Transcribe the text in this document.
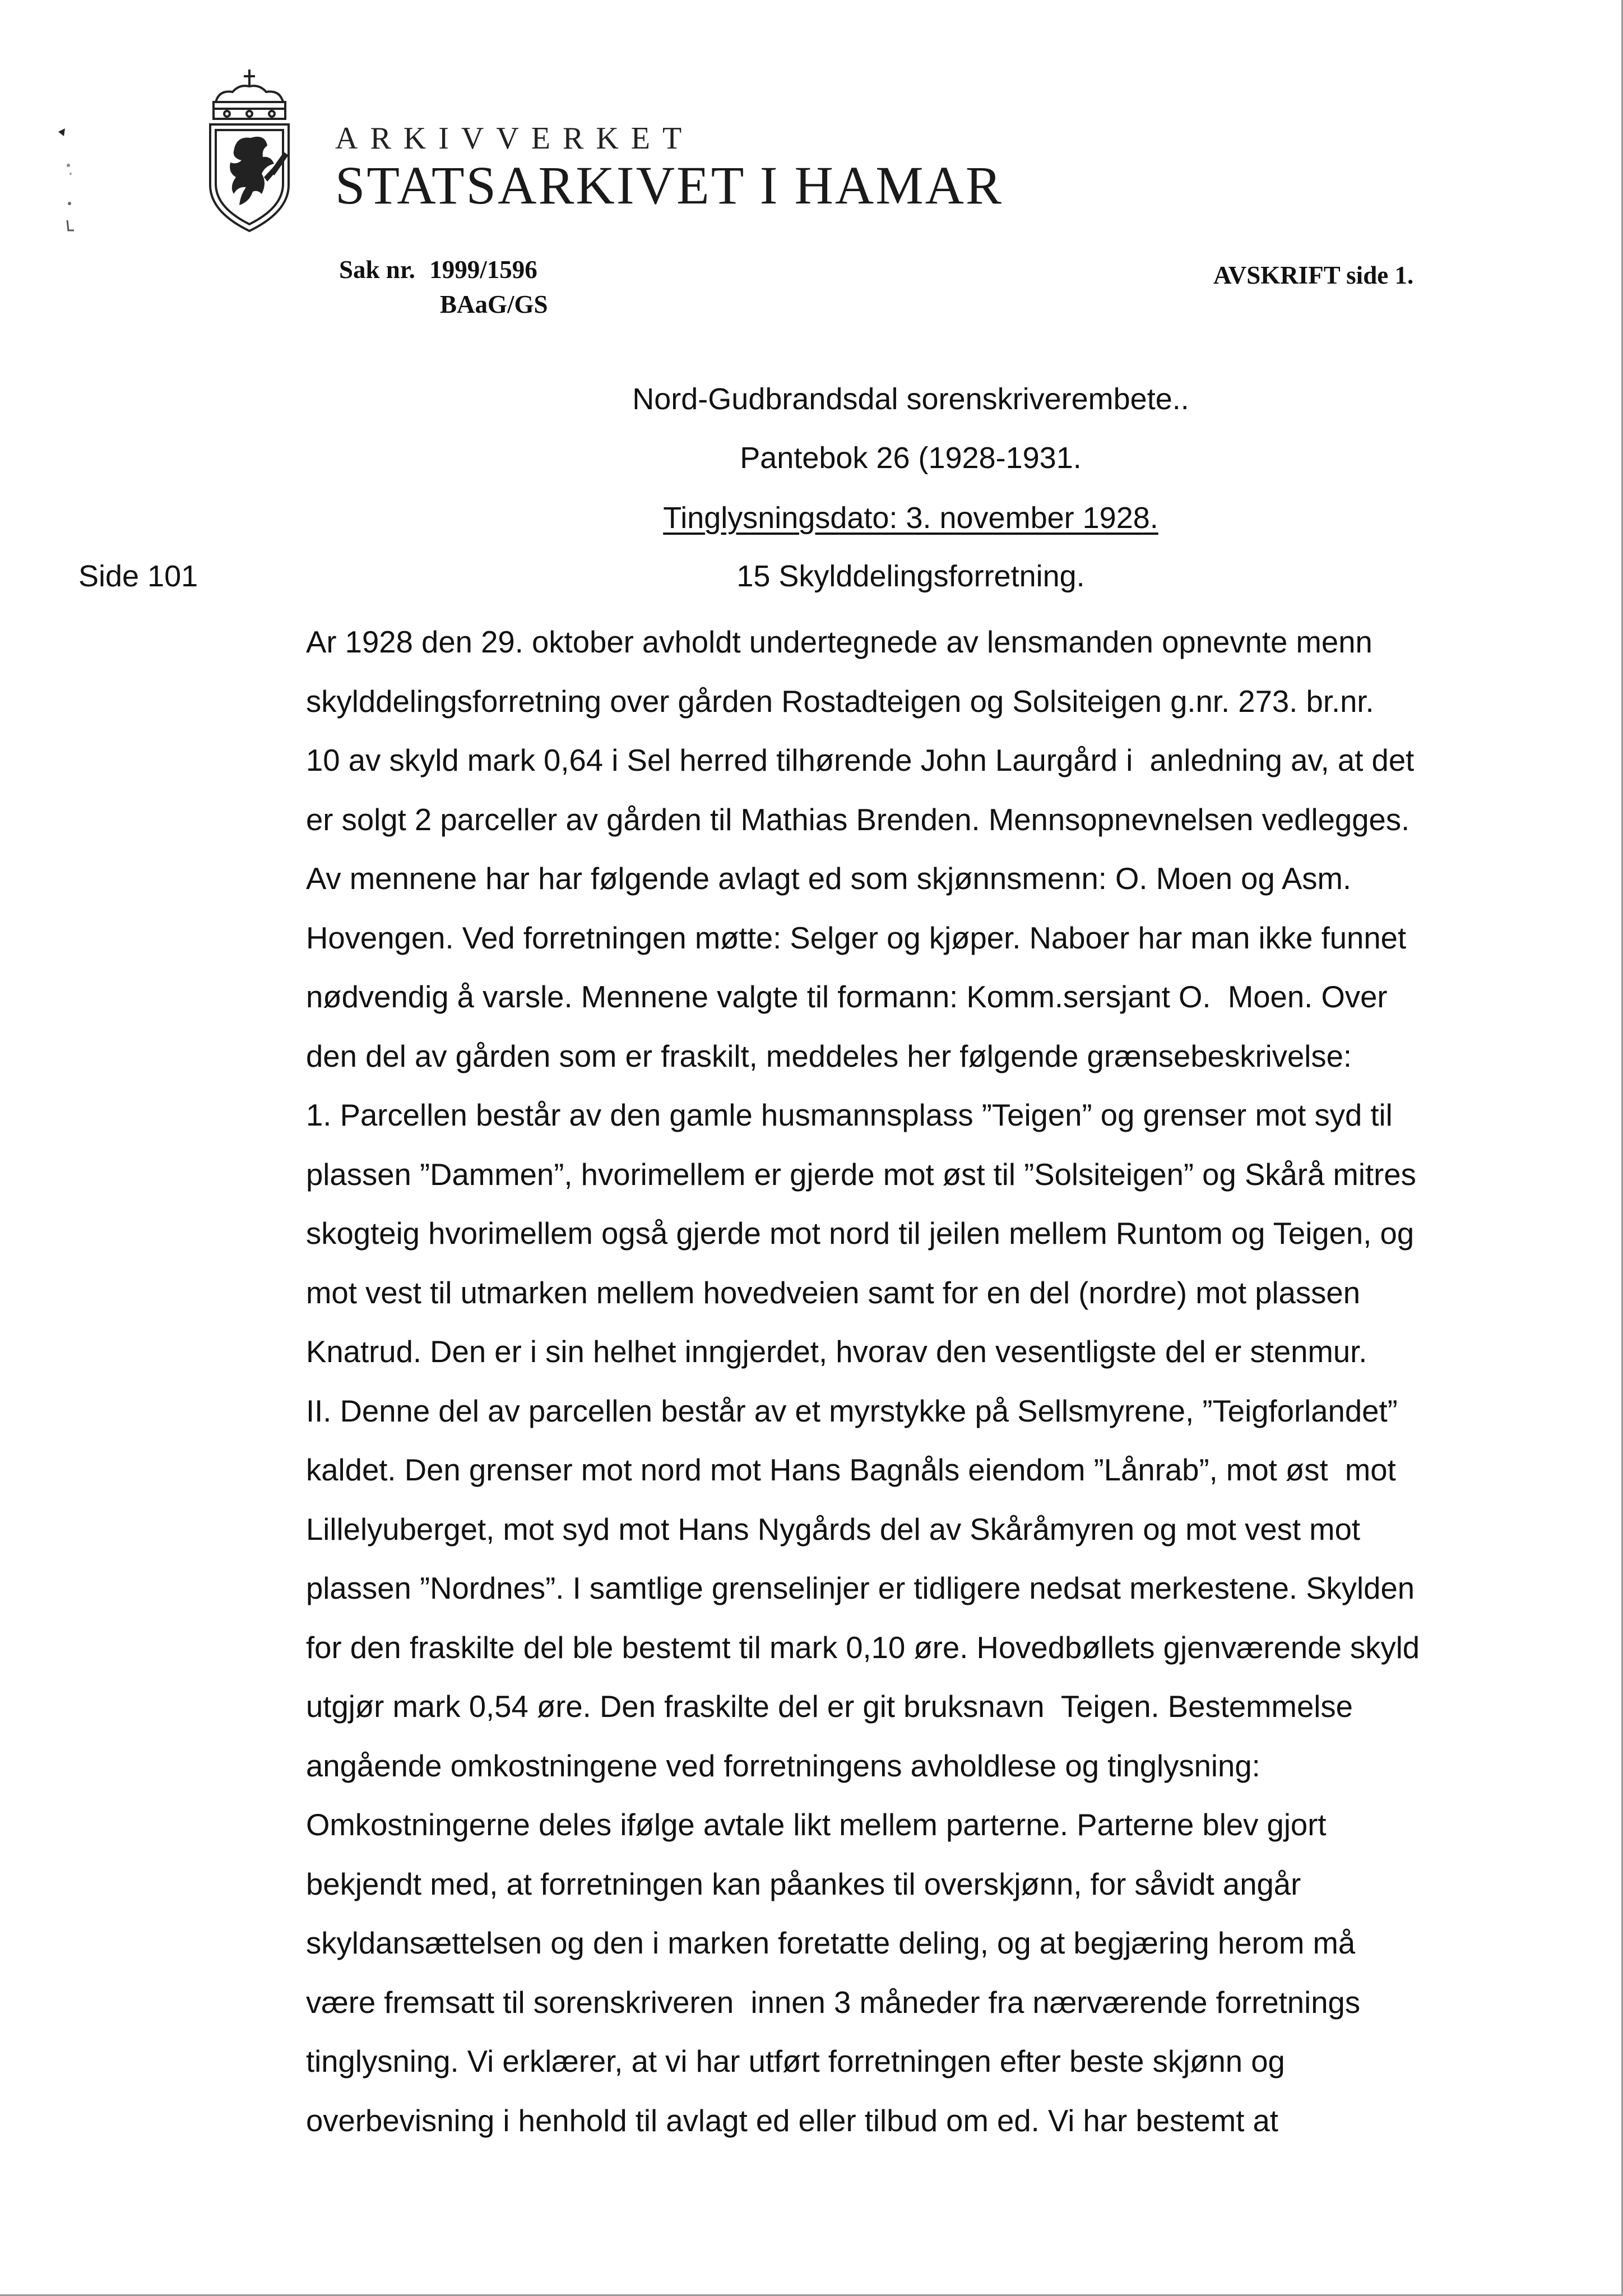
ARKIVVERKET
STATSARKIVET I HAMAR
Sak nr. 1999/1596
BAaG/GS
AVSKRIFT side 1.
Side 101
Nord-Gudbrandsdal sorenskriverembete..
Pantebok 26 (1928-1931.
Tinglysningsdato: 3. november 1928.
15 Skylddelingsforretning.
Ar 1928 den 29. oktober avholdt undertegnede av lensmanden opnevnte menn
skylddelingsforretning over gården Rostadteigen og Solsiteigen g.nr. 273. br.nr.
10 av skyld mark 0,64 i Sel herred tilhørende John Laurgård i  anledning av, at det
er solgt 2 parceller av gården til Mathias Brenden. Mennsopnevnelsen vedlegges.
Av mennene har har følgende avlagt ed som skjønnsmenn: O. Moen og Asm.
Hovengen. Ved forretningen møtte: Selger og kjøper. Naboer har man ikke funnet
nødvendig å varsle. Mennene valgte til formann: Komm.sersjant O.  Moen. Over
den del av gården som er fraskilt, meddeles her følgende grænsebeskrivelse:
1. Parcellen består av den gamle husmannsplass ”Teigen” og grenser mot syd til
plassen ”Dammen”, hvorimellem er gjerde mot øst til ”Solsiteigen” og Skårå mitres
skogteig hvorimellem også gjerde mot nord til jeilen mellem Runtom og Teigen, og
mot vest til utmarken mellem hovedveien samt for en del (nordre) mot plassen
Knatrud. Den er i sin helhet inngjerdet, hvorav den vesentligste del er stenmur.
II. Denne del av parcellen består av et myrstykke på Sellsmyrene, ”Teigforlandet”
kaldet. Den grenser mot nord mot Hans Bagnåls eiendom ”Lånrab”, mot øst  mot
Lillelyuberget, mot syd mot Hans Nygårds del av Skåråmyren og mot vest mot
plassen ”Nordnes”. I samtlige grenselinjer er tidligere nedsat merkestene. Skylden
for den fraskilte del ble bestemt til mark 0,10 øre. Hovedbøllets gjenværende skyld
utgjør mark 0,54 øre. Den fraskilte del er git bruksnavn  Teigen. Bestemmelse
angående omkostningene ved forretningens avholdlese og tinglysning:
Omkostningerne deles ifølge avtale likt mellem parterne. Parterne blev gjort
bekjendt med, at forretningen kan påankes til overskjønn, for såvidt angår
skyldansættelsen og den i marken foretatte deling, og at begjæring herom må
være fremsatt til sorenskriveren  innen 3 måneder fra nærværende forretnings
tinglysning. Vi erklærer, at vi har utført forretningen efter beste skjønn og
overbevisning i henhold til avlagt ed eller tilbud om ed. Vi har bestemt at
